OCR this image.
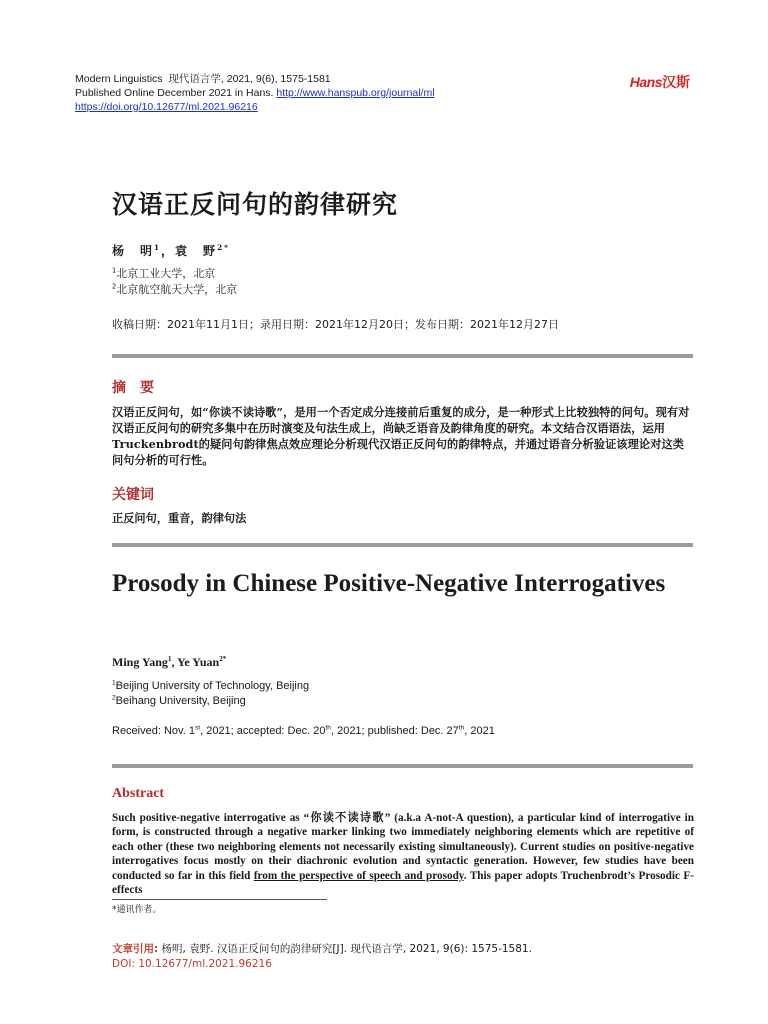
Modern Linguistics 现代语言学, 2021, 9(6), 1575-1581
Published Online December 2021 in Hans. http://www.hanspub.org/journal/ml
https://doi.org/10.12677/ml.2021.96216
Hans汉斯
汉语正反问句的韵律研究
杨　明$^1$，袁　野$^{2*}$
$^1$北京工业大学，北京
$^2$北京航空航天大学，北京
收稿日期：2021年11月1日；录用日期：2021年12月20日；发布日期：2021年12月27日
摘　要
汉语正反问句，如“你读不读诗歌”，是用一个否定成分连接前后重复的成分，是一种形式上比较独特的问句。现有对汉语正反问句的研究多集中在历时演变及句法生成上，尚缺乏语音及韵律角度的研究。本文结合汉语语法，运用Truckenbrodt的疑问句韵律焦点效应理论分析现代汉语正反问句的韵律特点，并通过语音分析验证该理论对这类问句分析的可行性。
关键词
正反问句，重音，韵律句法
Prosody in Chinese Positive-Negative Interrogatives
Ming Yang$^1$, Ye Yuan$^{2*}$
$^1$Beijing University of Technology, Beijing
$^2$Beihang University, Beijing
Received: Nov. 1st, 2021; accepted: Dec. 20th, 2021; published: Dec. 27th, 2021
Abstract
Such positive-negative interrogative as “你读不读诗歌” (a.k.a A-not-A question), a particular kind of interrogative in form, is constructed through a negative marker linking two immediately neighboring elements which are repetitive of each other (these two neighboring elements not necessarily existing simultaneously). Current studies on positive-negative interrogatives focus mostly on their diachronic evolution and syntactic generation. However, few studies have been conducted so far in this field from the perspective of speech and prosody. This paper adopts Truchenbrodt’s Prosodic F-effects
*通讯作者。
文章引用: 杨明, 袁野. 汉语正反问句的韵律研究[J]. 现代语言学, 2021, 9(6): 1575-1581.
DOI: 10.12677/ml.2021.96216
